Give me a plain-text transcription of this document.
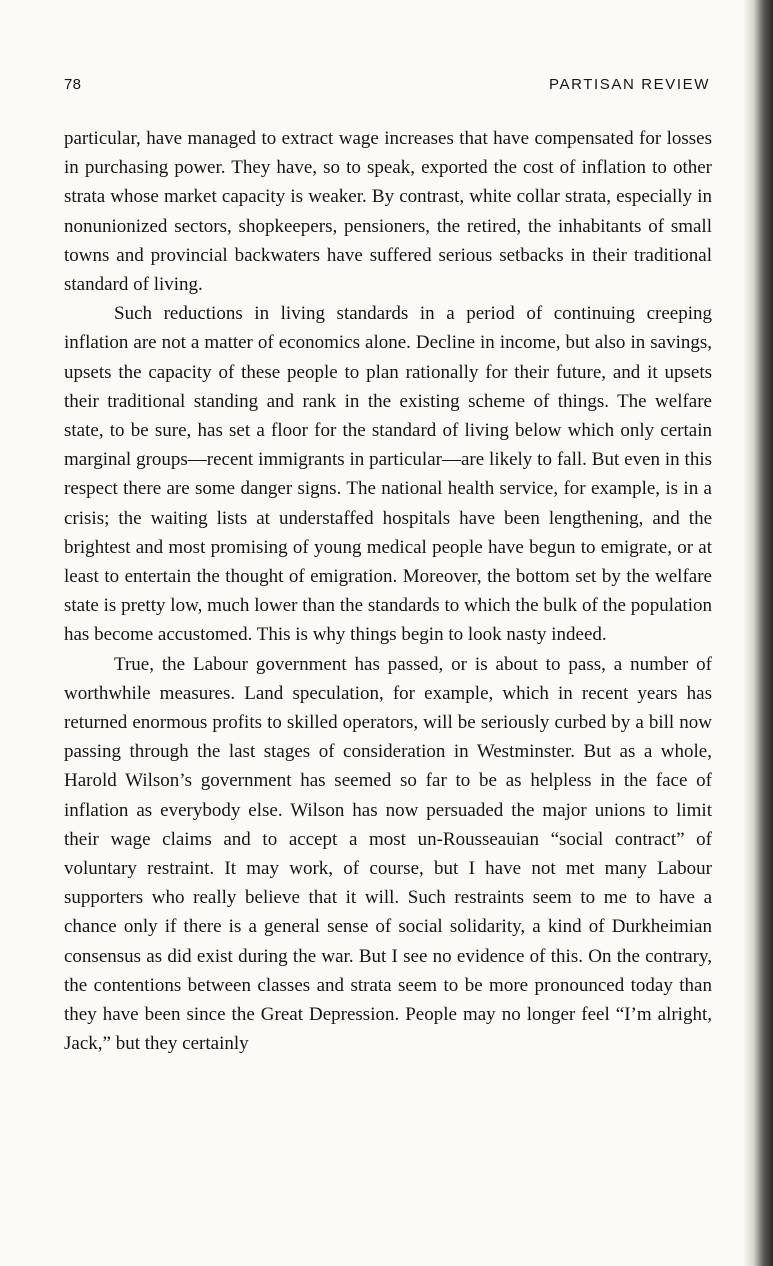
78	PARTISAN REVIEW

particular, have managed to extract wage increases that have compensated for losses in purchasing power. They have, so to speak, exported the cost of inflation to other strata whose market capacity is weaker. By contrast, white collar strata, especially in nonunionized sectors, shopkeepers, pensioners, the retired, the inhabitants of small towns and provincial backwaters have suffered serious setbacks in their traditional standard of living.

Such reductions in living standards in a period of continuing creeping inflation are not a matter of economics alone. Decline in income, but also in savings, upsets the capacity of these people to plan rationally for their future, and it upsets their traditional standing and rank in the existing scheme of things. The welfare state, to be sure, has set a floor for the standard of living below which only certain marginal groups—recent immigrants in particular—are likely to fall. But even in this respect there are some danger signs. The national health service, for example, is in a crisis; the waiting lists at understaffed hospitals have been lengthening, and the brightest and most promising of young medical people have begun to emigrate, or at least to entertain the thought of emigration. Moreover, the bottom set by the welfare state is pretty low, much lower than the standards to which the bulk of the population has become accustomed. This is why things begin to look nasty indeed.

True, the Labour government has passed, or is about to pass, a number of worthwhile measures. Land speculation, for example, which in recent years has returned enormous profits to skilled operators, will be seriously curbed by a bill now passing through the last stages of consideration in Westminster. But as a whole, Harold Wilson’s government has seemed so far to be as helpless in the face of inflation as everybody else. Wilson has now persuaded the major unions to limit their wage claims and to accept a most un-Rousseauian “social contract” of voluntary restraint. It may work, of course, but I have not met many Labour supporters who really believe that it will. Such restraints seem to me to have a chance only if there is a general sense of social solidarity, a kind of Durkheimian consensus as did exist during the war. But I see no evidence of this. On the contrary, the contentions between classes and strata seem to be more pronounced today than they have been since the Great Depression. People may no longer feel “I’m alright, Jack,” but they certainly
